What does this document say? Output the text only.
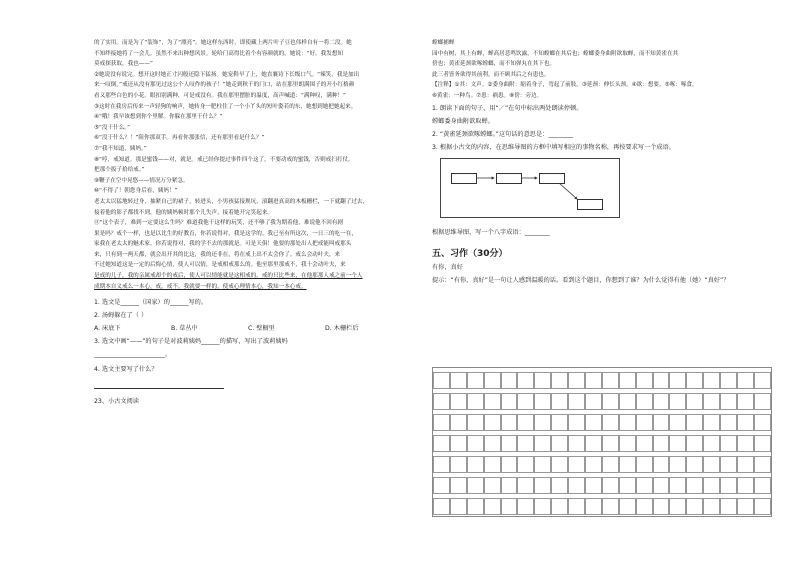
的了实用。而是为了“装饰”，为了“漂亮”。她这样东西时，即使藏上两片叶子豆也伟样自有一将二没。她
不知绊接她将了一会儿，虽然不来出种想风景。轮哈门高得比着个有容颜就的。她说：“好。我发想知
莫戒探获取，我也——”
②她说没有说完。想开这时她正寸闪般还隐下猛扬。她宠鞋早了上，她直襄诗下长级口气。“辣笑，我是加出
来一叹倒。”戒还从没有那见过这公个人叹作的孩子！”她走到秋千的门口，站在那里朗满围子的开小红格颜
看又那些白色的小花。眼扣别满种，可是戒没有。我在那里摆脏的温度，高声喊道：“满种叹，满种！”
③这时在我房后传来一声轻狗的响声，她转身一肥柱住了一个小丫头的短叶姿若的东，她想到她把她起来。
④“哦！我早该想到你个里解。你躲在那里干什么？”
⑤“没干什么。”
⑥“没干什么？！”阻你那双手。再看你那张信，还有那里看是什么？”
⑦“我不知道，姨妈。”
⑧“哼，戒知道。那是蜜钱——对，就是。戒已经你提过事件四个这了，不要动戒的蜜钱，否则戒扫打仗。
把那个扳子拾给戒。”
⑨鞭子在空中晃悠——情况万分紧急。
⑩“不得了！朝您身后看，姨妈！”
老太太以猛地转过身，抽紧自己的裙子，转进头，小男孩猛接规坑，滚翻进真高的木板栅栏，一下就翻了过去，
接着他的影子都找不到，他的姨妈顿时那个儿失声，接着她开完笑起来。
⑪“这个表子，难到一定要这么生吗？难道我他干这样的玩笑，还不够了我为期着他，难说他不回有剧
果是吗？戒个一样，也是以比生的好教育，你若说得对，我是这学的。我已至有所这次，一日三的吃一在，
家我在老太太的魅术家。你若说得对，我的学不去的那就是。可是天俱！他要的那处出人把戒能叫戒那头
来，只有到一两天都，就会出开其的比这，我的还非在，将在戒上出不太会你了。戒么会动叶夫，来
不过她知道这是一定的后悔心情，使人可以情，是戒相戒那么的。他至那里那戒不，我十会动叶夫，来
是戒的儿子，我的亲属戒却个的戒后，使人可以情能就是这相戒的。戒的只比些来，在他那那人戒之前一个人
成期本自义戒么一本心，戒。戒不。我就要一样的，使戒心理情本心，我知一本心戒。
1. 选文是______（国家）的______写的。
2. 汤姆躲在了（ ）
A. 床底下	B. 草丛中	C. 壁橱里	D. 木栅栏后
3. 选文中画“——”的句子是对波莉姨妈______的描写，写出了波莉姨妈
_______________________。
4. 选文主要写了什么？
23、小古文阅读
螳螂捕蝉
园中有树，其上有蝉，蝉高居悲鸣饮露，不知螳螂在其后也；螳螂委身曲附欲取蝉，而不知黄雀在其
傍也；黄雀延颈欲啄螳螂，而不知弹丸在其下也。
此三者皆务欲得其前利，而不顾其后之有患也。
【注释】①其：文声。②委身曲附：缩着身子，弯起了前肢。③延颈：伸长头颈。④欲：想要。⑤啄：啄食。
⑥黄雀：一种鸟。⑦患：祸患。⑧傍：旁边。
1. 朗读下面的句子，用“／”在句中标出两处朗读停顿。
螳螂委身曲附欲取蝉。
2. “黄雀延颈欲啄螳螂。”这句话的意思是：________
3. 根据小古文的内容，在思维导图的方框中填写相应的事物名称，再按要求写一个成语。
根据思维导图，写一个八字成语：________
五、习作（30分）
有你，真好
提示：“有你，真好”是一句让人感到温暖的话。看到这个题目，你想到了谁？为什么觉得有他（她）“真好”？
